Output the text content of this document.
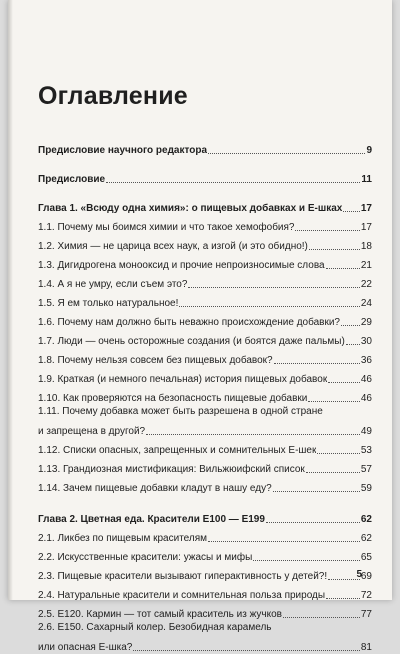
Оглавление
Предисловие научного редактора	9
Предисловие	11
Глава 1. «Всюду одна химия»: о пищевых добавках и Е-шках 17
1.1. Почему мы боимся химии и что такое хемофобия?	17
1.2. Химия — не царица всех наук, а изгой (и это обидно!)	18
1.3. Дигидрогена монооксид и прочие непроизносимые слова	21
1.4. А я не умру, если съем это?	22
1.5. Я ем только натуральное!	24
1.6. Почему нам должно быть неважно происхождение добавки? 29
1.7. Люди — очень осторожные создания (и боятся даже пальмы) 30
1.8. Почему нельзя совсем без пищевых добавок?	36
1.9. Краткая (и немного печальная) история пищевых добавок	46
1.10. Как проверяются на безопасность пищевые добавки	46
1.11. Почему добавка может быть разрешена в одной стране
и запрещена в другой?	49
1.12. Списки опасных, запрещенных и сомнительных Е-шек	53
1.13. Грандиозная мистификация: Вильжюифский список	57
1.14. Зачем пищевые добавки кладут в нашу еду?	59
Глава 2. Цветная еда. Красители Е100 — Е199	62
2.1. Ликбез по пищевым красителям	62
2.2. Искусственные красители: ужасы и мифы	65
2.3. Пищевые красители вызывают гиперактивность у детей?!	69
2.4. Натуральные красители и сомнительная польза природы	72
2.5. Е120. Кармин — тот самый краситель из жучков	77
2.6. Е150. Сахарный колер. Безобидная карамель
или опасная Е-шка?	81
5
